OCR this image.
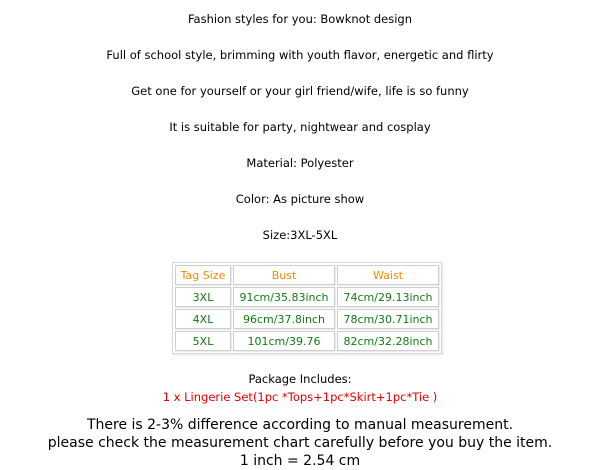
Fashion styles for you: Bowknot design
Full of school style, brimming with youth flavor, energetic and flirty
Get one for yourself or your girl friend/wife, life is so funny
It is suitable for party, nightwear and cosplay
Material: Polyester
Color: As picture show
Size:3XL-5XL
Tag Size	Bust	Waist
3XL	91cm/35.83inch	74cm/29.13inch
4XL	96cm/37.8inch	78cm/30.71inch
5XL	101cm/39.76	82cm/32.28inch
Package Includes:
1 x Lingerie Set(1pc *Tops+1pc*Skirt+1pc*Tie )
There is 2-3% difference according to manual measurement.
please check the measurement chart carefully before you buy the item.
1 inch = 2.54 cm
